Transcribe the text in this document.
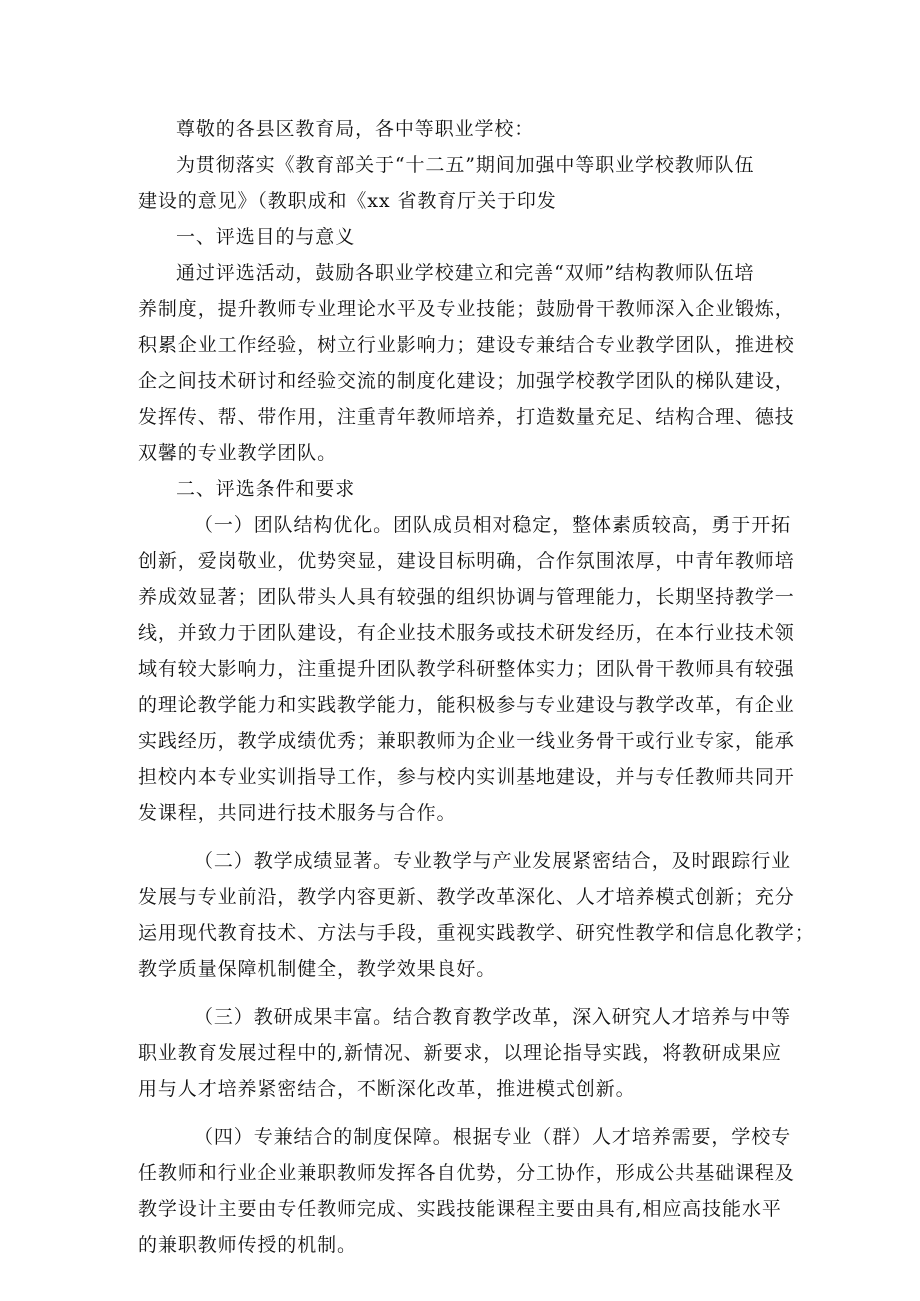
尊敬的各县区教育局，各中等职业学校：
为贯彻落实《教育部关于“十二五”期间加强中等职业学校教师队伍
建设的意见》（教职成和《xx 省教育厅关于印发
一、评选目的与意义
通过评选活动，鼓励各职业学校建立和完善“双师”结构教师队伍培
养制度，提升教师专业理论水平及专业技能；鼓励骨干教师深入企业锻炼，
积累企业工作经验，树立行业影响力；建设专兼结合专业教学团队，推进校
企之间技术研讨和经验交流的制度化建设；加强学校教学团队的梯队建设，
发挥传、帮、带作用，注重青年教师培养，打造数量充足、结构合理、德技
双馨的专业教学团队。
二、评选条件和要求
（一）团队结构优化。团队成员相对稳定，整体素质较高，勇于开拓
创新，爱岗敬业，优势突显，建设目标明确，合作氛围浓厚，中青年教师培
养成效显著；团队带头人具有较强的组织协调与管理能力，长期坚持教学一
线，并致力于团队建设，有企业技术服务或技术研发经历，在本行业技术领
域有较大影响力，注重提升团队教学科研整体实力；团队骨干教师具有较强
的理论教学能力和实践教学能力，能积极参与专业建设与教学改革，有企业
实践经历，教学成绩优秀；兼职教师为企业一线业务骨干或行业专家，能承
担校内本专业实训指导工作，参与校内实训基地建设，并与专任教师共同开
发课程，共同进行技术服务与合作。
（二）教学成绩显著。专业教学与产业发展紧密结合，及时跟踪行业
发展与专业前沿，教学内容更新、教学改革深化、人才培养模式创新；充分
运用现代教育技术、方法与手段，重视实践教学、研究性教学和信息化教学；
教学质量保障机制健全，教学效果良好。
（三）教研成果丰富。结合教育教学改革，深入研究人才培养与中等
职业教育发展过程中的,新情况、新要求，以理论指导实践，将教研成果应
用与人才培养紧密结合，不断深化改革，推进模式创新。
（四）专兼结合的制度保障。根据专业（群）人才培养需要，学校专
任教师和行业企业兼职教师发挥各自优势，分工协作，形成公共基础课程及
教学设计主要由专任教师完成、实践技能课程主要由具有,相应高技能水平
的兼职教师传授的机制。
